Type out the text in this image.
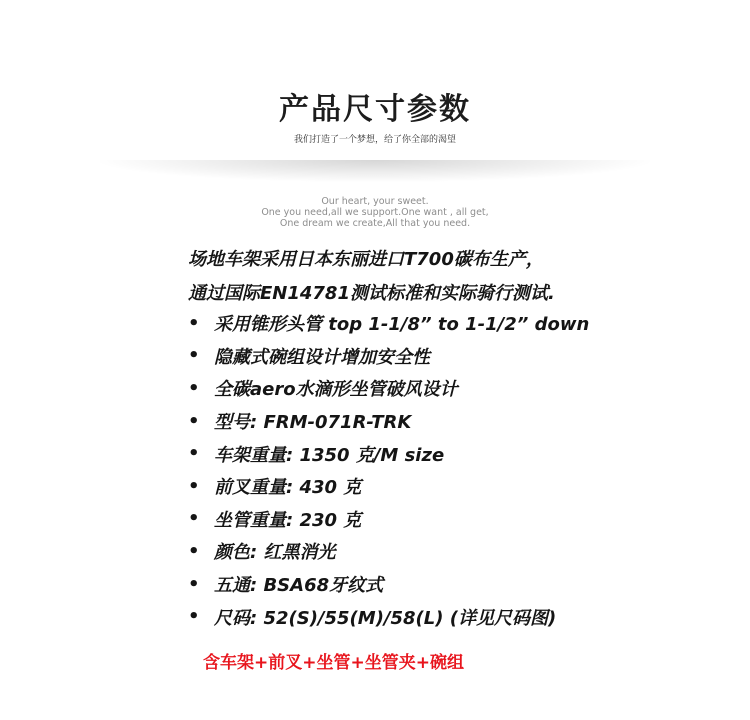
产品尺寸参数
我们打造了一个梦想，给了你全部的渴望
Our heart, your sweet.
One you need,all we support.One want , all get,
One dream we create,All that you need.
场地车架采用日本东丽进口T700碳布生产，
通过国际EN14781测试标准和实际骑行测试.
• 采用锥形头管 top 1-1/8” to 1-1/2” down
• 隐藏式碗组设计增加安全性
• 全碳aero水滴形坐管破风设计
• 型号: FRM-071R-TRK
• 车架重量: 1350 克/M size
• 前叉重量: 430 克
• 坐管重量: 230 克
• 颜色: 红黑消光
• 五通: BSA68牙纹式
• 尺码: 52(S)/55(M)/58(L) (详见尺码图)
含车架+前叉+坐管+坐管夹+碗组
